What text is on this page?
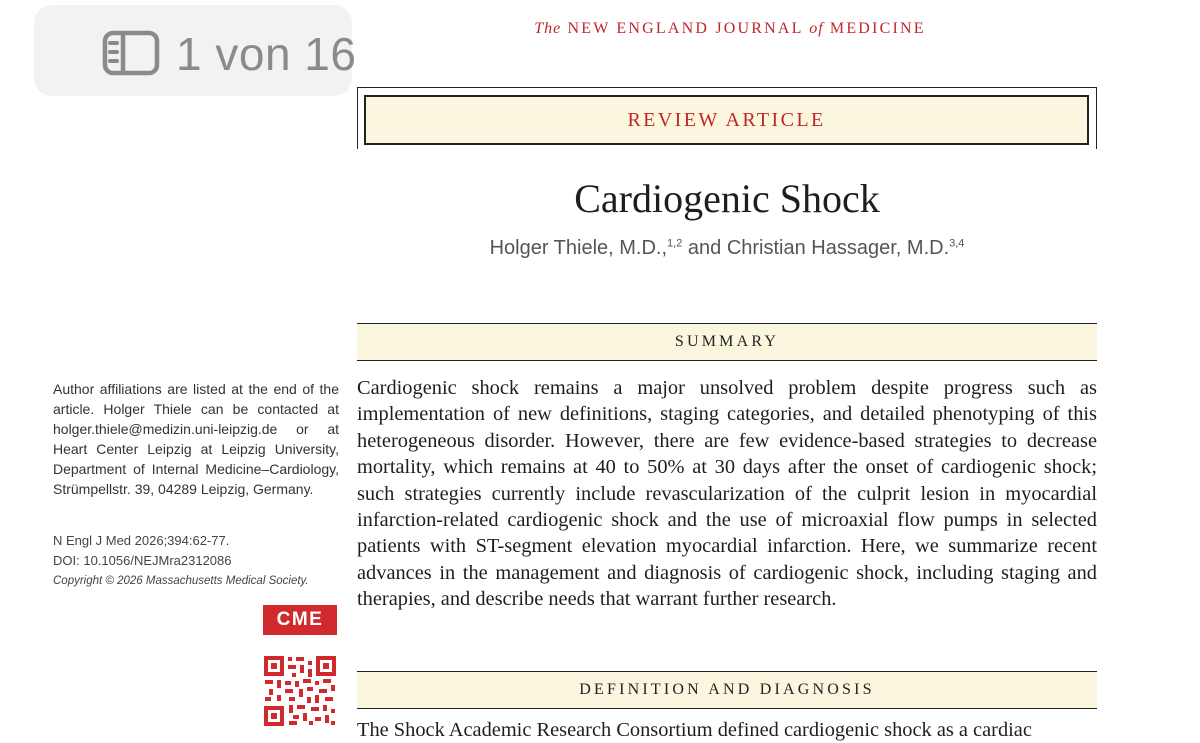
1 von 16	The NEW ENGLAND JOURNAL of MEDICINE
REVIEW ARTICLE
Cardiogenic Shock
Holger Thiele, M.D.,$^{1,2}$ and Christian Hassager, M.D.$^{3,4}$
SUMMARY
Cardiogenic shock remains a major unsolved problem despite progress such as implementation of new definitions, staging categories, and detailed phenotyping of this heterogeneous disorder. However, there are few evidence-based strategies to decrease mortality, which remains at 40 to 50% at 30 days after the onset of cardiogenic shock; such strategies currently include revascularization of the culprit lesion in myocardial infarction-related cardiogenic shock and the use of microaxial flow pumps in selected patients with ST-segment elevation myocardial infarction. Here, we summarize recent advances in the management and diagnosis of cardiogenic shock, including staging and therapies, and describe needs that warrant further research.
Author affiliations are listed at the end of the article. Holger Thiele can be contacted at holger.thiele@medizin.uni-leipzig.de or at Heart Center Leipzig at Leipzig University, Department of Internal Medicine–Cardiology, Strümpellstr. 39, 04289 Leipzig, Germany.
N Engl J Med 2026;394:62-77.
DOI: 10.1056/NEJMra2312086
Copyright © 2026 Massachusetts Medical Society.
CME
DEFINITION AND DIAGNOSIS
The Shock Academic Research Consortium defined cardiogenic shock as a cardiac
